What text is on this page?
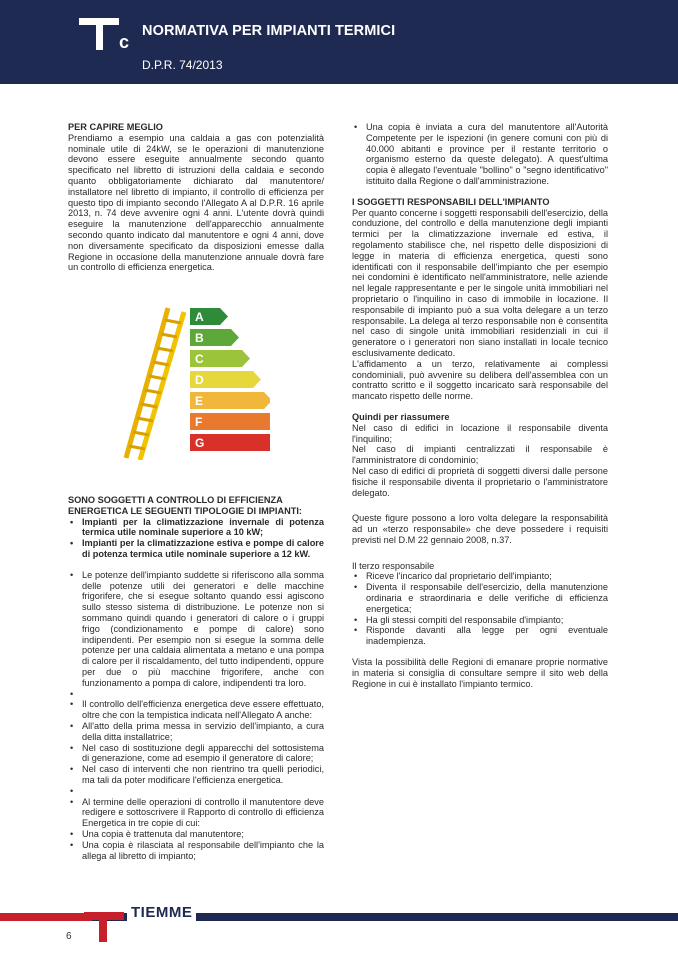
c
NORMATIVA PER IMPIANTI TERMICI
D.P.R. 74/2013
PER CAPIRE MEGLIO

Prendiamo a esempio una caldaia a gas con potenzialità nominale utile di 24kW, se le operazioni di manutenzione devono essere eseguite annualmente secondo quanto specificato nel libretto di istruzioni della caldaia e secondo quanto obbligatoriamente dichiarato dal manutentore/ installatore nel libretto di impianto, il controllo di efficienza per questo tipo di impianto secondo l'Allegato A al D.P.R. 16 aprile 2013, n. 74 deve avvenire ogni 4 anni. L'utente dovrà quindi eseguire la manutenzione dell'apparecchio annualmente secondo quanto indicato dal manutentore e ogni 4 anni, dove non diversamente specificato da disposizioni emesse dalla Regione in occasione della manutenzione annuale dovrà fare un controllo di efficienza energetica.

A
B
C
D
E
F
G
SONO SOGGETTI A CONTROLLO DI EFFICIENZA ENERGETICA LE SEGUENTI TIPOLOGIE DI IMPIANTI:
• Impianti per la climatizzazione invernale di potenza termica utile nominale superiore a 10 kW;
• Impianti per la climatizzazione estiva e pompe di calore di potenza termica utile nominale superiore a 12 kW.
• Le potenze dell'impianto suddette si riferiscono alla somma delle potenze utili dei generatori e delle macchine frigorifere, che si esegue soltanto quando essi agiscono sullo stesso sistema di distribuzione. Le potenze non si sommano quindi quando i generatori di calore o i gruppi frigo (condizionamento e pompe di calore) sono indipendenti. Per esempio non si esegue la somma delle potenze per una caldaia alimentata a metano e una pompa di calore per il riscaldamento, del tutto indipendenti, oppure per due o più macchine frigorifere, anche con funzionamento a pompa di calore, indipendenti tra loro.
•
• Il controllo dell'efficienza energetica deve essere effettuato, oltre che con la tempistica indicata nell'Allegato A anche:
• All'atto della prima messa in servizio dell'impianto, a cura della ditta installatrice;
• Nel caso di sostituzione degli apparecchi del sottosistema di generazione, come ad esempio il generatore di calore;
• Nel caso di interventi che non rientrino tra quelli periodici, ma tali da poter modificare l'efficienza energetica.
•
• Al termine delle operazioni di controllo il manutentore deve redigere e sottoscrivere il Rapporto di controllo di efficienza Energetica in tre copie di cui:
• Una copia è trattenuta dal manutentore;
• Una copia è rilasciata al responsabile dell'impianto che la allega al libretto di impianto;
• Una copia è inviata a cura del manutentore all'Autorità Competente per le ispezioni (in genere comuni con più di 40.000 abitanti e province per il restante territorio o organismo esterno da queste delegato). A quest'ultima copia è allegato l'eventuale "bollino" o "segno identificativo" istituito dalla Regione o dall'amministrazione.
I SOGGETTI RESPONSABILI DELL'IMPIANTO

Per quanto concerne i soggetti responsabili dell'esercizio, della conduzione, del controllo e della manutenzione degli impianti termici per la climatizzazione invernale ed estiva, il regolamento stabilisce che, nel rispetto delle disposizioni di legge in materia di efficienza energetica, questi sono identificati con il responsabile dell'impianto che per esempio nei condomini è identificato nell'amministratore, nelle aziende nel legale rappresentante e per le singole unità immobiliari nel proprietario o l'inquilino in caso di immobile in locazione. Il responsabile di impianto può a sua volta delegare a un terzo responsabile. La delega al terzo responsabile non è consentita nel caso di singole unità immobiliari residenziali in cui il generatore o i generatori non siano installati in locale tecnico esclusivamente dedicato.

L'affidamento a un terzo, relativamente ai complessi condominiali, può avvenire su delibera dell'assemblea con un contratto scritto e il soggetto incaricato sarà responsabile del mancato rispetto delle norme.

Quindi per riassumere

Nel caso di edifici in locazione il responsabile diventa l'inquilino;

Nel caso di impianti centralizzati il responsabile è l'amministratore di condominio;

Nel caso di edifici di proprietà di soggetti diversi dalle persone fisiche il responsabile diventa il proprietario o l'amministratore delegato.

Queste figure possono a loro volta delegare la responsabilità ad un «terzo responsabile» che deve possedere i requisiti previsti nel D.M 22 gennaio 2008, n.37.

Il terzo responsabile

• Riceve l'incarico dal proprietario dell'impianto;
• Diventa il responsabile dell'esercizio, della manutenzione ordinaria e straordinaria e delle verifiche di efficienza energetica;
• Ha gli stessi compiti del responsabile d'impianto;
• Risponde davanti alla legge per ogni eventuale inadempienza.

Vista la possibilità delle Regioni di emanare proprie normative in materia si consiglia di consultare sempre il sito web della Regione in cui è installato l'impianto termico.

TIEMME
6
